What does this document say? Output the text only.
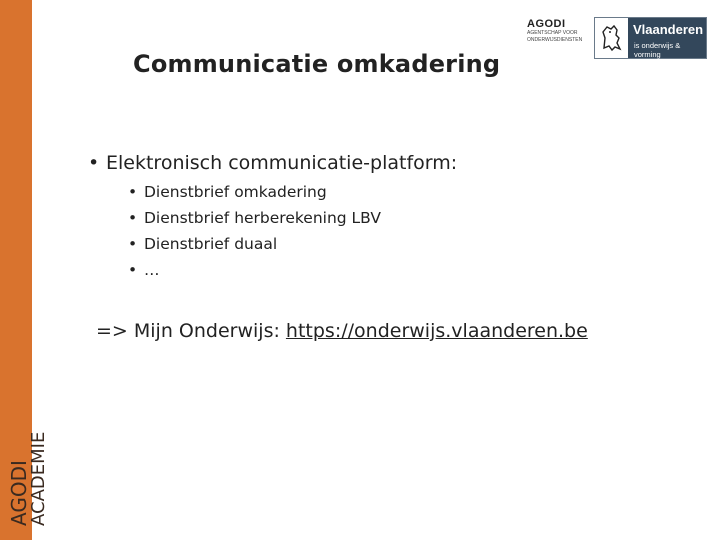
AGODI
ACADEMIE
Communicatie omkadering
AGODI
AGENTSCHAP VOOR ONDERWIJSDIENSTEN
Vlaanderen
is onderwijs & vorming
• Elektronisch communicatie-platform:
• Dienstbrief omkadering
• Dienstbrief herberekening LBV
• Dienstbrief duaal
• …
=> Mijn Onderwijs: https://onderwijs.vlaanderen.be
